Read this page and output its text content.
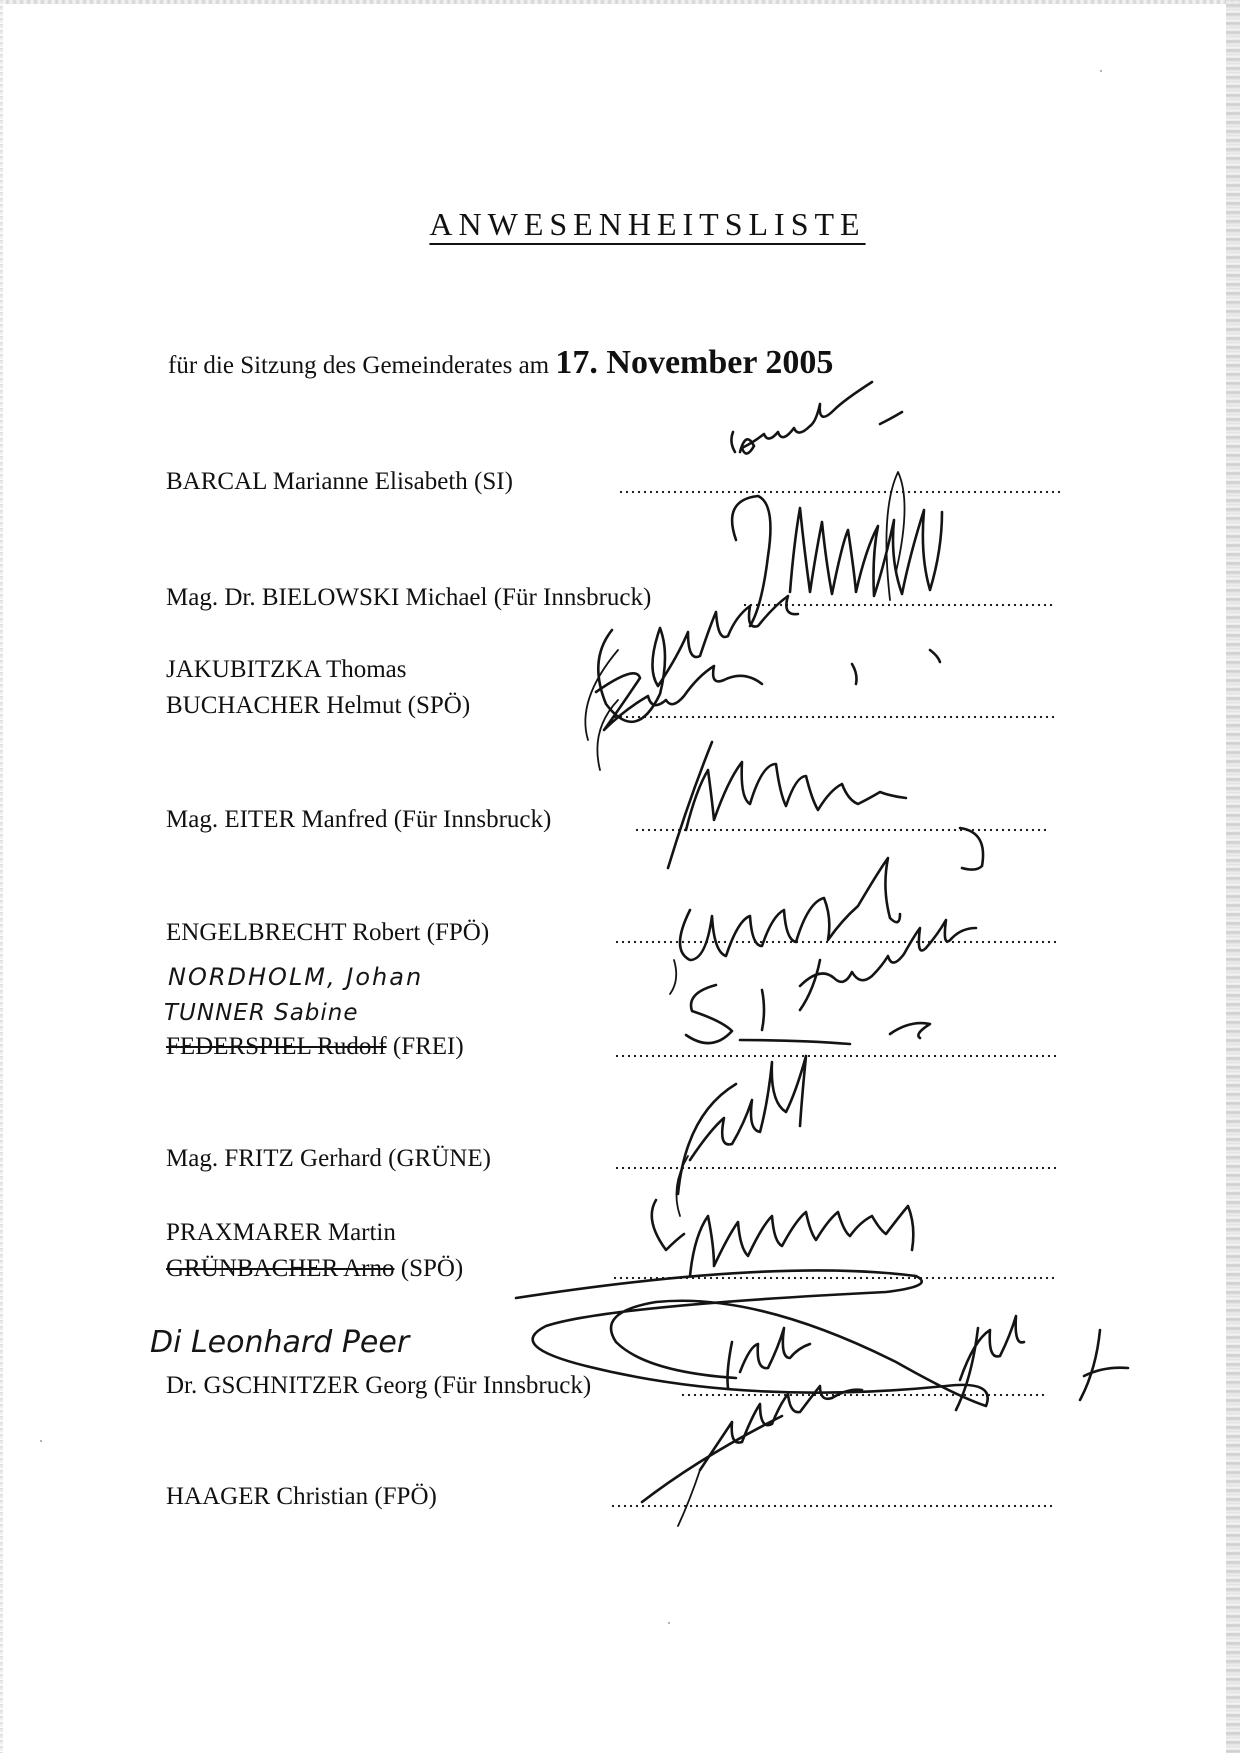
ANWESENHEITSLISTE
für die Sitzung des Gemeinderates am 17. November 2005
BARCAL Marianne Elisabeth (SI)
Mag. Dr. BIELOWSKI Michael (Für Innsbruck)
JAKUBITZKA Thomas
BUCHACHER Helmut (SPÖ)
Mag. EITER Manfred (Für Innsbruck)
ENGELBRECHT Robert (FPÖ)
FEDERSPIEL Rudolf (FREI)
Mag. FRITZ Gerhard (GRÜNE)
PRAXMARER Martin
GRÜNBACHER Arno (SPÖ)
Dr. GSCHNITZER Georg (Für Innsbruck)
HAAGER Christian (FPÖ)
NORDHOLM, Johan
TUNNER Sabine
Di Leonhard Peer
